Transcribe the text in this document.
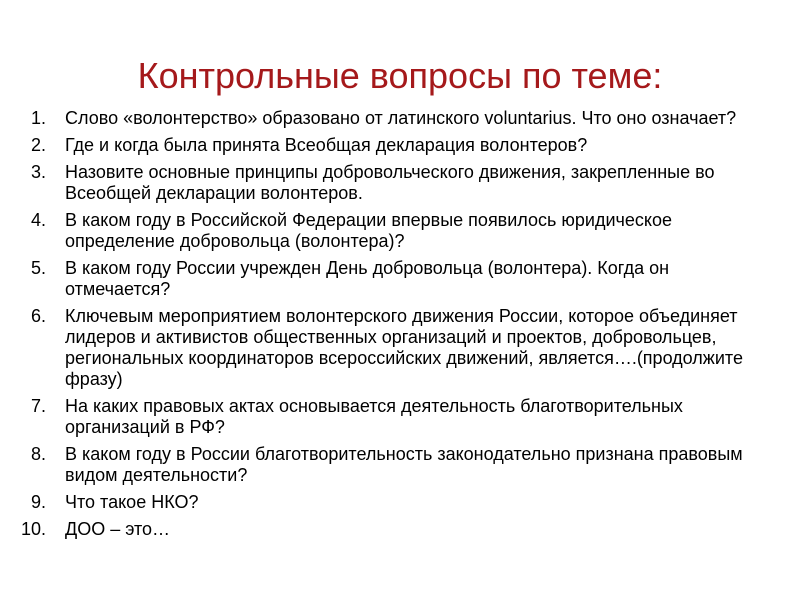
Контрольные вопросы по теме:
1. Слово «волонтерство» образовано от латинского voluntarius. Что оно означает?
2. Где и когда была принята Всеобщая декларация волонтеров?
3. Назовите основные принципы добровольческого движения, закрепленные во Всеобщей декларации волонтеров.
4. В каком году в Российской Федерации впервые появилось юридическое определение добровольца (волонтера)?
5. В каком году России учрежден День добровольца (волонтера). Когда он отмечается?
6. Ключевым мероприятием волонтерского движения России, которое объединяет лидеров и активистов общественных организаций и проектов, добровольцев, региональных координаторов всероссийских движений, является….(продолжите фразу)
7. На каких правовых актах основывается деятельность благотворительных организаций в РФ?
8. В каком году в России благотворительность законодательно признана правовым видом деятельности?
9. Что такое НКО?
10. ДОО – это…
